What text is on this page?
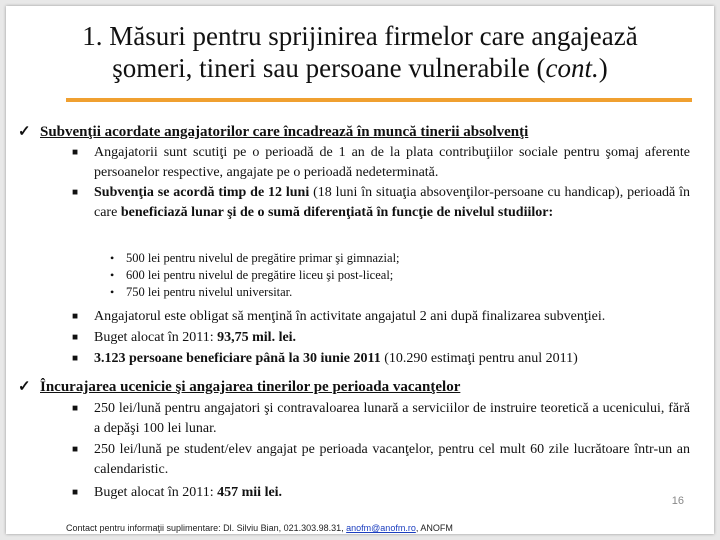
1. Măsuri pentru sprijinirea firmelor care angajează
şomeri, tineri sau persoane vulnerabile (cont.)
✓ Subvenţii acordate angajatorilor care încadrează în muncă tinerii absolvenţi
■ Angajatorii sunt scutiţi pe o perioadă de 1 an de la plata contribuţiilor sociale pentru şomaj aferente persoanelor respective, angajate pe o perioadă nedeterminată.
■ Subvenţia se acordă timp de 12 luni (18 luni în situaţia absovenţilor-persoane cu handicap), perioadă în care beneficiază lunar şi de o sumă diferenţiată în funcţie de nivelul studiilor:
• 500 lei pentru nivelul de pregătire primar şi gimnazial;
• 600 lei pentru nivelul de pregătire liceu şi post-liceal;
• 750 lei pentru nivelul universitar.
■ Angajatorul este obligat să menţină în activitate angajatul 2 ani după finalizarea subvenţiei.
■ Buget alocat în 2011: 93,75 mil. lei.
■ 3.123 persoane beneficiare până la 30 iunie 2011 (10.290 estimaţi pentru anul 2011)
✓ Încurajarea ucenicie şi angajarea tinerilor pe perioada vacanţelor
■ 250 lei/lună pentru angajatori şi contravaloarea lunară a serviciilor de instruire teoretică a ucenicului, fără a depăşi 100 lei lunar.
■ 250 lei/lună pe student/elev angajat pe perioada vacanţelor, pentru cel mult 60 zile lucrătoare într-un an calendaristic.
■ Buget alocat în 2011: 457 mii lei.
16
Contact pentru informaţii suplimentare: Dl. Silviu Bian, 021.303.98.31, anofm@anofm.ro, ANOFM
